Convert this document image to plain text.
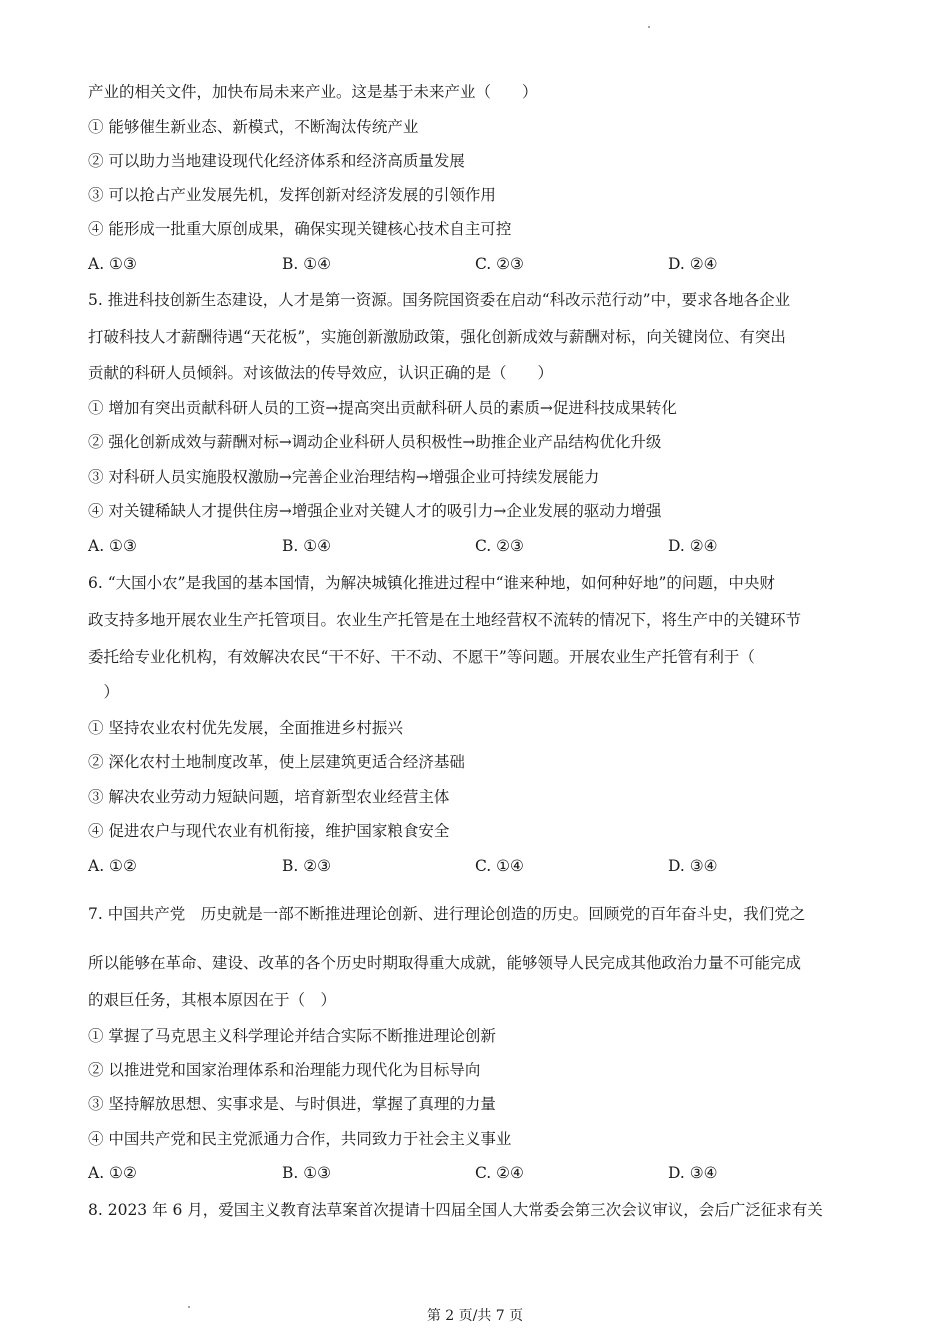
产业的相关文件，加快布局未来产业。这是基于未来产业（　　）
① 能够催生新业态、新模式，不断淘汰传统产业
② 可以助力当地建设现代化经济体系和经济高质量发展
③ 可以抢占产业发展先机，发挥创新对经济发展的引领作用
④ 能形成一批重大原创成果，确保实现关键核心技术自主可控
A. ①③	B. ①④	C. ②③	D. ②④
5. 推进科技创新生态建设，人才是第一资源。国务院国资委在启动“科改示范行动”中，要求各地各企业
打破科技人才薪酬待遇“天花板”，实施创新激励政策，强化创新成效与薪酬对标，向关键岗位、有突出
贡献的科研人员倾斜。对该做法的传导效应，认识正确的是（　　）
① 增加有突出贡献科研人员的工资→提高突出贡献科研人员的素质→促进科技成果转化
② 强化创新成效与薪酬对标→调动企业科研人员积极性→助推企业产品结构优化升级
③ 对科研人员实施股权激励→完善企业治理结构→增强企业可持续发展能力
④ 对关键稀缺人才提供住房→增强企业对关键人才的吸引力→企业发展的驱动力增强
A. ①③	B. ①④	C. ②③	D. ②④
6. “大国小农”是我国的基本国情，为解决城镇化推进过程中“谁来种地，如何种好地”的问题，中央财
政支持多地开展农业生产托管项目。农业生产托管是在土地经营权不流转的情况下，将生产中的关键环节
委托给专业化机构，有效解决农民“干不好、干不动、不愿干”等问题。开展农业生产托管有利于（
　）
① 坚持农业农村优先发展，全面推进乡村振兴
② 深化农村土地制度改革，使上层建筑更适合经济基础
③ 解决农业劳动力短缺问题，培育新型农业经营主体
④ 促进农户与现代农业有机衔接，维护国家粮食安全
A. ①②	B. ②③	C. ①④	D. ③④
7. 中国共产党　历史就是一部不断推进理论创新、进行理论创造的历史。回顾党的百年奋斗史，我们党之
所以能够在革命、建设、改革的各个历史时期取得重大成就，能够领导人民完成其他政治力量不可能完成
的艰巨任务，其根本原因在于（　）
① 掌握了马克思主义科学理论并结合实际不断推进理论创新
② 以推进党和国家治理体系和治理能力现代化为目标导向
③ 坚持解放思想、实事求是、与时俱进，掌握了真理的力量
④ 中国共产党和民主党派通力合作，共同致力于社会主义事业
A. ①②	B. ①③	C. ②④	D. ③④
8. 2023 年 6 月，爱国主义教育法草案首次提请十四届全国人大常委会第三次会议审议，会后广泛征求有关
第 2 页/共 7 页
